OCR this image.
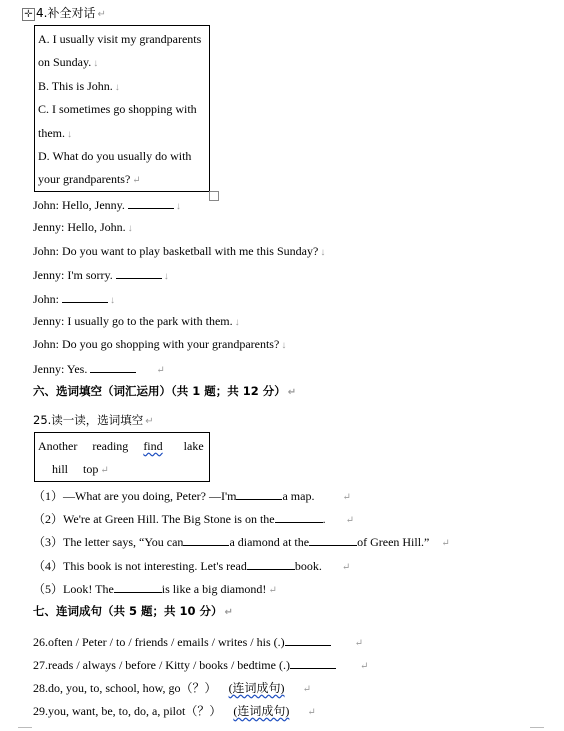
✛ 4.补全对话 ↵
A. I usually visit my grandparents
on Sunday. ↓
B. This is John. ↓
C. I sometimes go shopping with
them. ↓
D. What do you usually do with
your grandparents? ↵
John: Hello, Jenny.	↓
Jenny: Hello, John. ↓
John: Do you want to play basketball with me this Sunday? ↓
Jenny: I'm sorry.	↓
John:	↓
Jenny: I usually go to the park with them. ↓
John: Do you go shopping with your grandparents? ↓
Jenny: Yes.	↵
六、选词填空（词汇运用）（共 1 题；共 12 分） ↵
25.读一读，选词填空 ↵
Another reading find lake
hill top ↵
（1）—What are you doing, Peter? —I'm	a map.	↵
（2）We're at Green Hill. The Big Stone is on the	. ↵
（3）The letter says, “You can	a diamond at the	of Green Hill.” ↵
（4）This book is not interesting. Let's read	book. ↵
（5）Look! The	is like a big diamond! ↵
七、连词成句（共 5 题；共 10 分） ↵
26.often / Peter / to / friends / emails / writes / his (.)	↵
27.reads / always / before / Kitty / books / bedtime (.)	↵
28.do, you, to, school, how, go（？） (连词成句) ↵
29.you, want, be, to, do, a, pilot（？） (连词成句) ↵
